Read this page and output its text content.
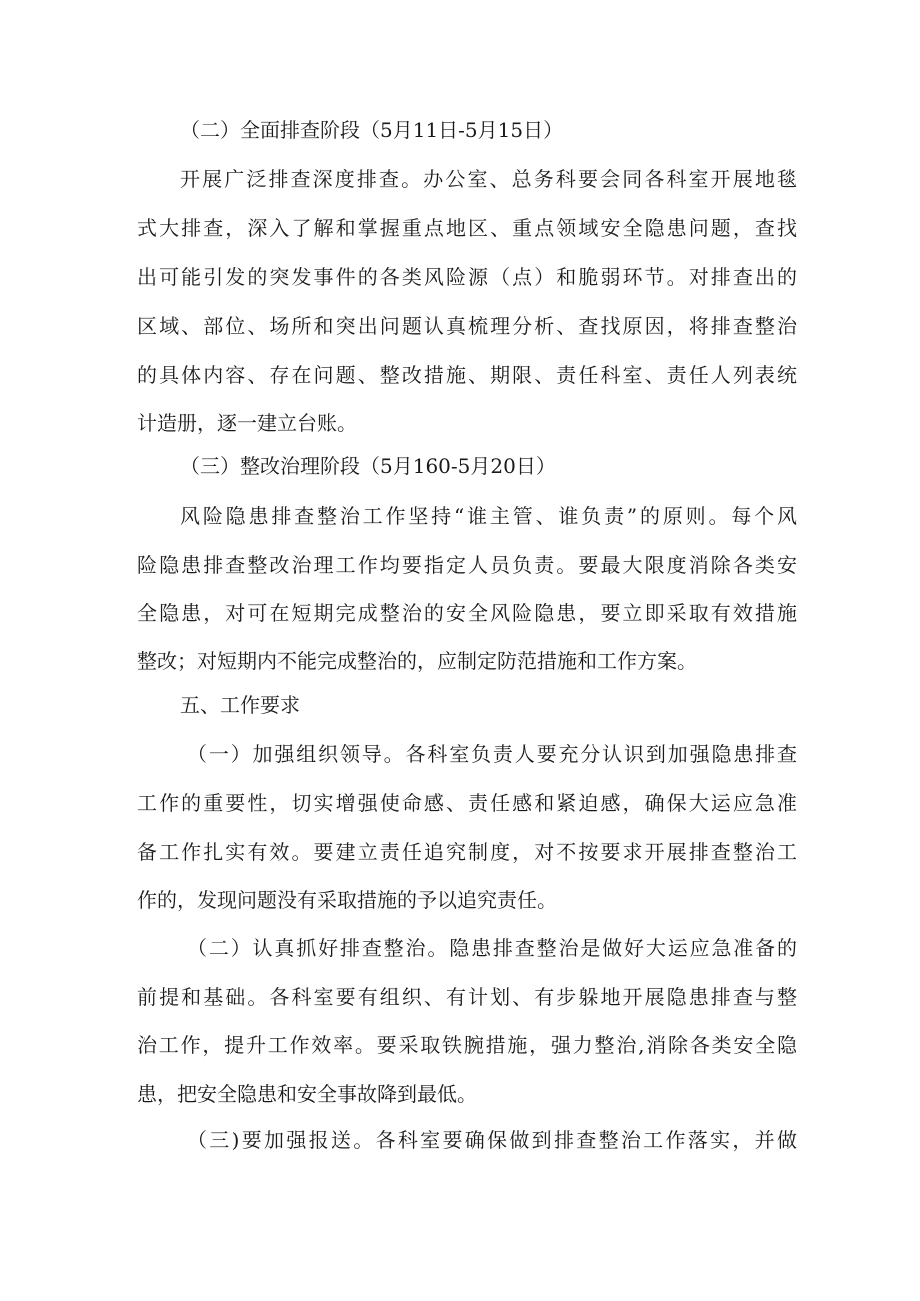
（二）全面排查阶段（5月11日-5月15日）
开展广泛排查深度排查。办公室、总务科要会同各科室开展地毯
式大排查，深入了解和掌握重点地区、重点领域安全隐患问题，查找
出可能引发的突发事件的各类风险源（点）和脆弱环节。对排查出的
区域、部位、场所和突出问题认真梳理分析、查找原因，将排查整治
的具体内容、存在问题、整改措施、期限、责任科室、责任人列表统
计造册，逐一建立台账。
（三）整改治理阶段（5月160-5月20日）
风险隐患排查整治工作坚持“谁主管、谁负责”的原则。每个风
险隐患排查整改治理工作均要指定人员负责。要最大限度消除各类安
全隐患，对可在短期完成整治的安全风险隐患，要立即采取有效措施
整改；对短期内不能完成整治的，应制定防范措施和工作方案。
五、工作要求
（一）加强组织领导。各科室负责人要充分认识到加强隐患排查
工作的重要性，切实增强使命感、责任感和紧迫感，确保大运应急准
备工作扎实有效。要建立责任追究制度，对不按要求开展排查整治工
作的，发现问题没有采取措施的予以追究责任。
（二）认真抓好排查整治。隐患排查整治是做好大运应急准备的
前提和基础。各科室要有组织、有计划、有步躲地开展隐患排查与整
治工作，提升工作效率。要采取铁腕措施，强力整治,消除各类安全隐
患，把安全隐患和安全事故降到最低。
（三)要加强报送。各科室要确保做到排查整治工作落实，并做
